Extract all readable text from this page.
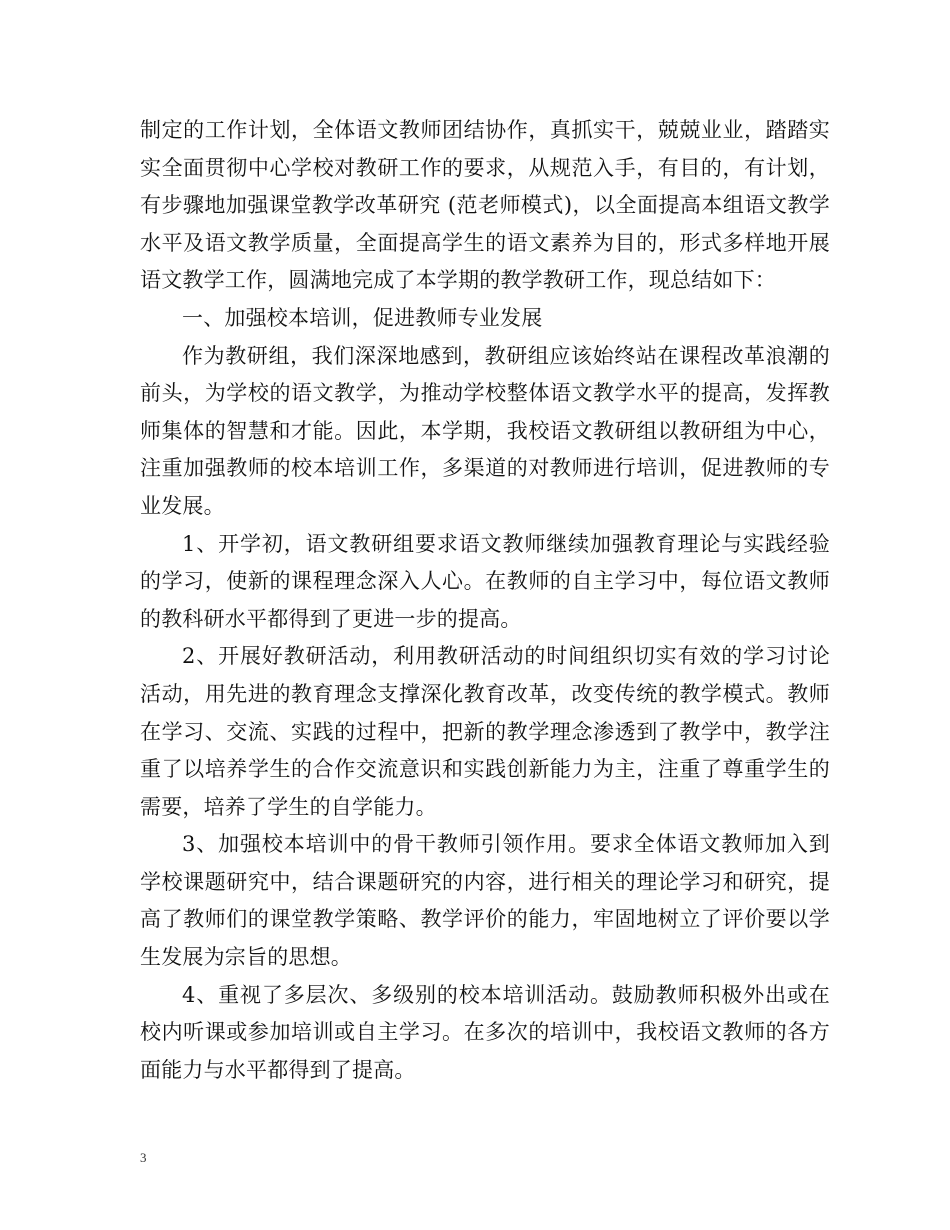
制定的工作计划，全体语文教师团结协作，真抓实干，兢兢业业，踏踏实实全面贯彻中心学校对教研工作的要求，从规范入手，有目的，有计划，有步骤地加强课堂教学改革研究 (范老师模式)，以全面提高本组语文教学水平及语文教学质量，全面提高学生的语文素养为目的，形式多样地开展语文教学工作，圆满地完成了本学期的教学教研工作，现总结如下：

一、加强校本培训，促进教师专业发展

作为教研组，我们深深地感到，教研组应该始终站在课程改革浪潮的前头，为学校的语文教学，为推动学校整体语文教学水平的提高，发挥教师集体的智慧和才能。因此，本学期，我校语文教研组以教研组为中心，注重加强教师的校本培训工作，多渠道的对教师进行培训，促进教师的专业发展。

1、开学初，语文教研组要求语文教师继续加强教育理论与实践经验的学习，使新的课程理念深入人心。在教师的自主学习中，每位语文教师的教科研水平都得到了更进一步的提高。

2、开展好教研活动，利用教研活动的时间组织切实有效的学习讨论活动，用先进的教育理念支撑深化教育改革，改变传统的教学模式。教师在学习、交流、实践的过程中，把新的教学理念渗透到了教学中，教学注重了以培养学生的合作交流意识和实践创新能力为主，注重了尊重学生的需要，培养了学生的自学能力。

3、加强校本培训中的骨干教师引领作用。要求全体语文教师加入到学校课题研究中，结合课题研究的内容，进行相关的理论学习和研究，提高了教师们的课堂教学策略、教学评价的能力，牢固地树立了评价要以学生发展为宗旨的思想。

4、重视了多层次、多级别的校本培训活动。鼓励教师积极外出或在校内听课或参加培训或自主学习。在多次的培训中，我校语文教师的各方面能力与水平都得到了提高。

3
